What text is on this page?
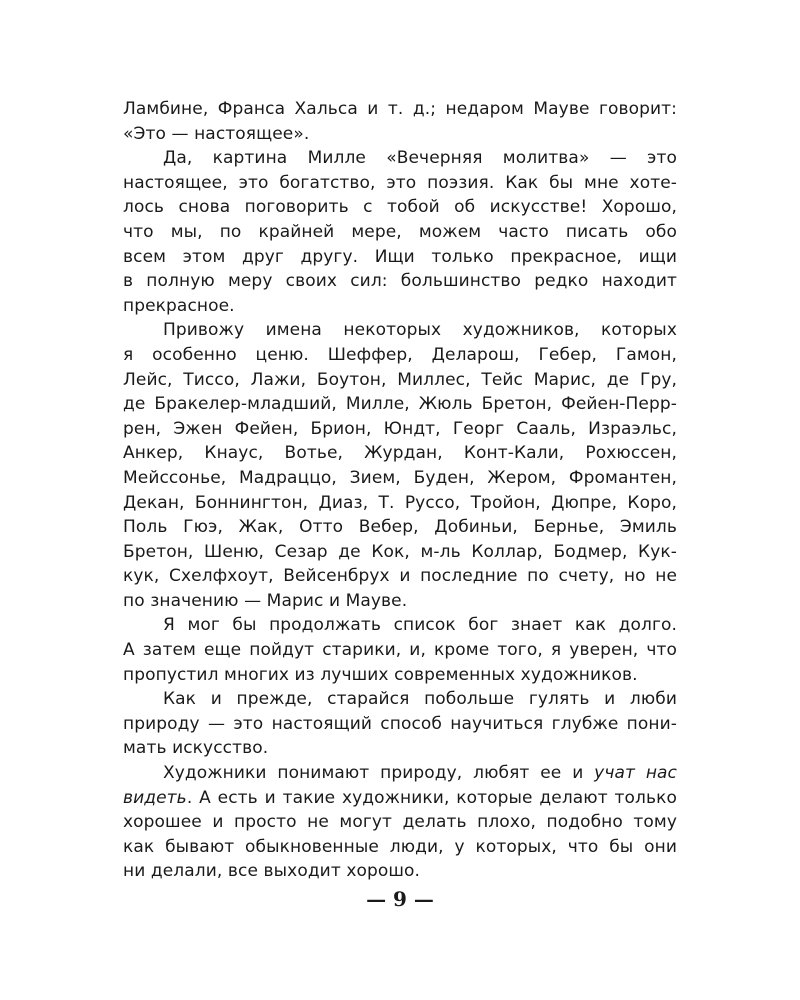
Ламбине, Франса Хальса и т. д.; недаром Мауве говорит:
«Это — настоящее».
Да, картина Милле «Вечерняя молитва» — это
настоящее, это богатство, это поэзия. Как бы мне хоте-
лось снова поговорить с тобой об искусстве! Хорошо,
что мы, по крайней мере, можем часто писать обо
всем этом друг другу. Ищи только прекрасное, ищи
в полную меру своих сил: большинство редко находит
прекрасное.
Привожу имена некоторых художников, которых
я особенно ценю. Шеффер, Деларош, Гебер, Гамон,
Лейс, Тиссо, Лажи, Боутон, Миллес, Тейс Марис, де Гру,
де Бракелер-младший, Милле, Жюль Бретон, Фейен-Перр-
рен, Эжен Фейен, Брион, Юндт, Георг Сааль, Израэльс,
Анкер, Кнаус, Вотье, Журдан, Конт-Кали, Рохюссен,
Мейссонье, Мадраццо, Зием, Буден, Жером, Фромантен,
Декан, Боннингтон, Диаз, Т. Руссо, Тройон, Дюпре, Коро,
Поль Гюэ, Жак, Отто Вебер, Добиньи, Бернье, Эмиль
Бретон, Шеню, Сезар де Кок, м-ль Коллар, Бодмер, Кук-
кук, Схелфхоут, Вейсенбрух и последние по счету, но не
по значению — Марис и Мауве.
Я мог бы продолжать список бог знает как долго.
А затем еще пойдут старики, и, кроме того, я уверен, что
пропустил многих из лучших современных художников.
Как и прежде, старайся побольше гулять и люби
природу — это настоящий способ научиться глубже пони-
мать искусство.
Художники понимают природу, любят ее и учат нас
видеть. А есть и такие художники, которые делают только
хорошее и просто не могут делать плохо, подобно тому
как бывают обыкновенные люди, у которых, что бы они
ни делали, все выходит хорошо.
— 9 —
